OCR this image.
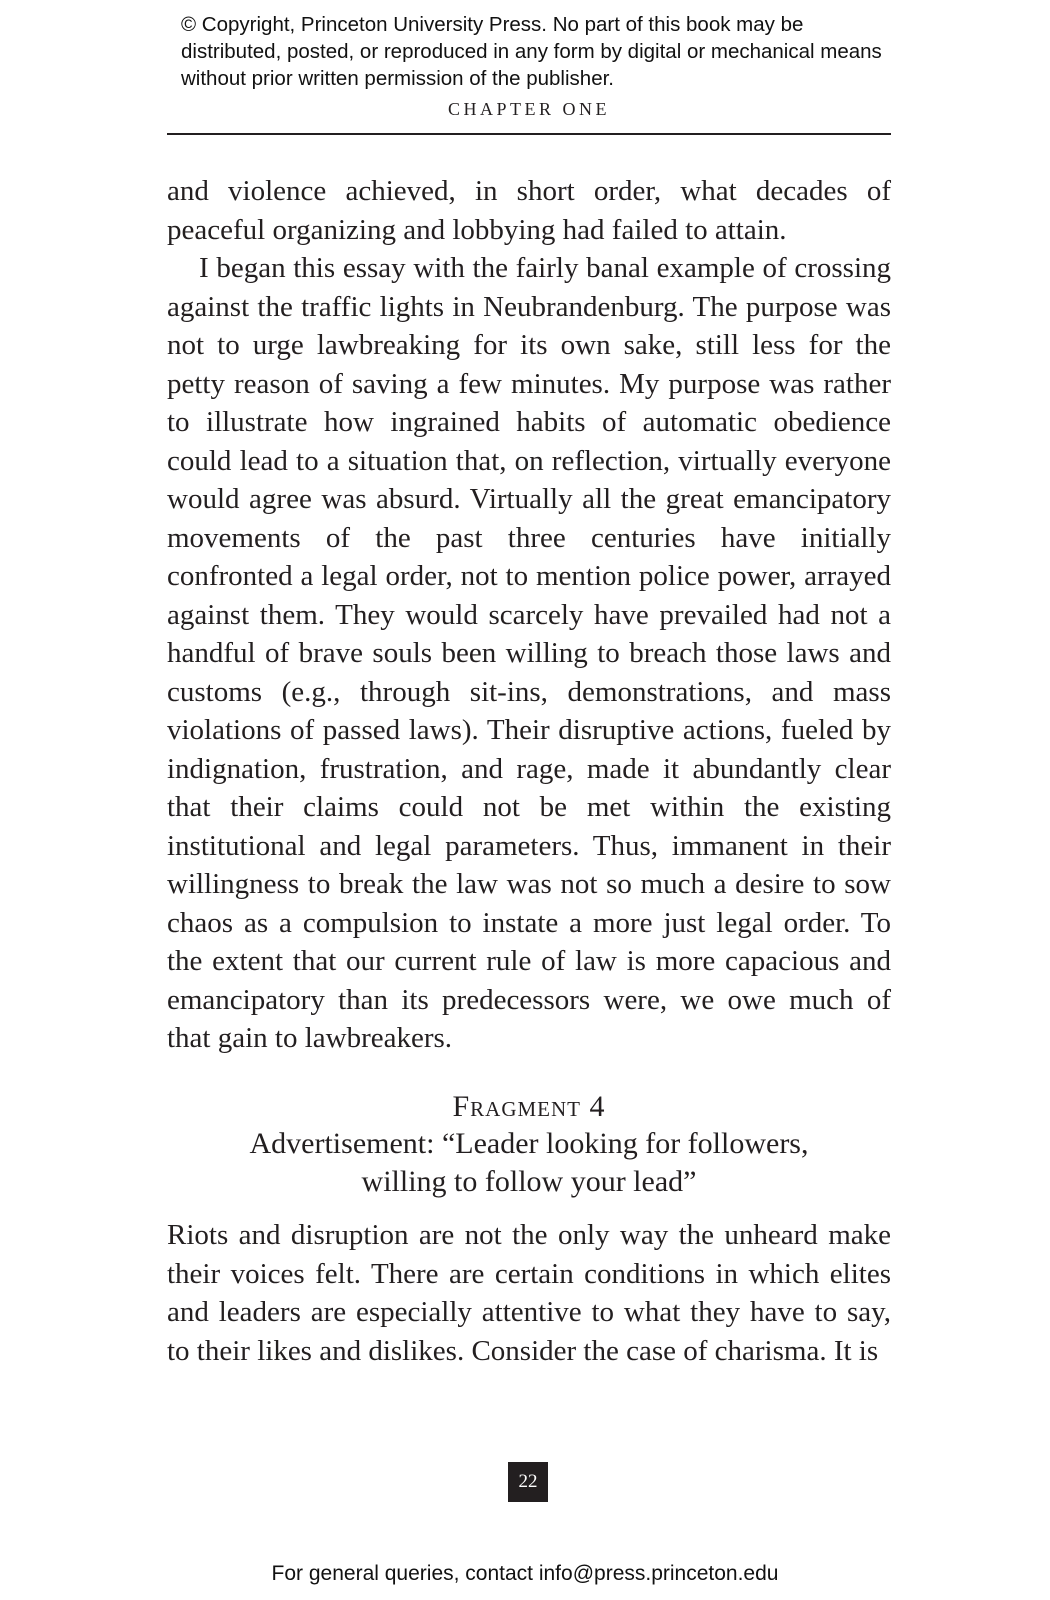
© Copyright, Princeton University Press. No part of this book may be distributed, posted, or reproduced in any form by digital or mechanical means without prior written permission of the publisher.
CHAPTER ONE

and violence achieved, in short order, what decades of peaceful organizing and lobbying had failed to attain.

I began this essay with the fairly banal example of crossing against the traffic lights in Neubrandenburg. The purpose was not to urge lawbreaking for its own sake, still less for the petty reason of saving a few minutes. My purpose was rather to illustrate how ingrained habits of automatic obedience could lead to a situation that, on reflection, virtually everyone would agree was absurd. Virtually all the great emancipatory movements of the past three centuries have initially confronted a legal order, not to mention police power, arrayed against them. They would scarcely have prevailed had not a handful of brave souls been willing to breach those laws and customs (e.g., through sit-ins, demonstrations, and mass violations of passed laws). Their disruptive actions, fueled by indignation, frustration, and rage, made it abundantly clear that their claims could not be met within the existing institutional and legal parameters. Thus, immanent in their willingness to break the law was not so much a desire to sow chaos as a compulsion to instate a more just legal order. To the extent that our current rule of law is more capacious and emancipatory than its predecessors were, we owe much of that gain to lawbreakers.

Fragment 4
Advertisement: “Leader looking for followers, willing to follow your lead”

Riots and disruption are not the only way the unheard make their voices felt. There are certain conditions in which elites and leaders are especially attentive to what they have to say, to their likes and dislikes. Consider the case of charisma. It is

22
For general queries, contact info@press.princeton.edu
